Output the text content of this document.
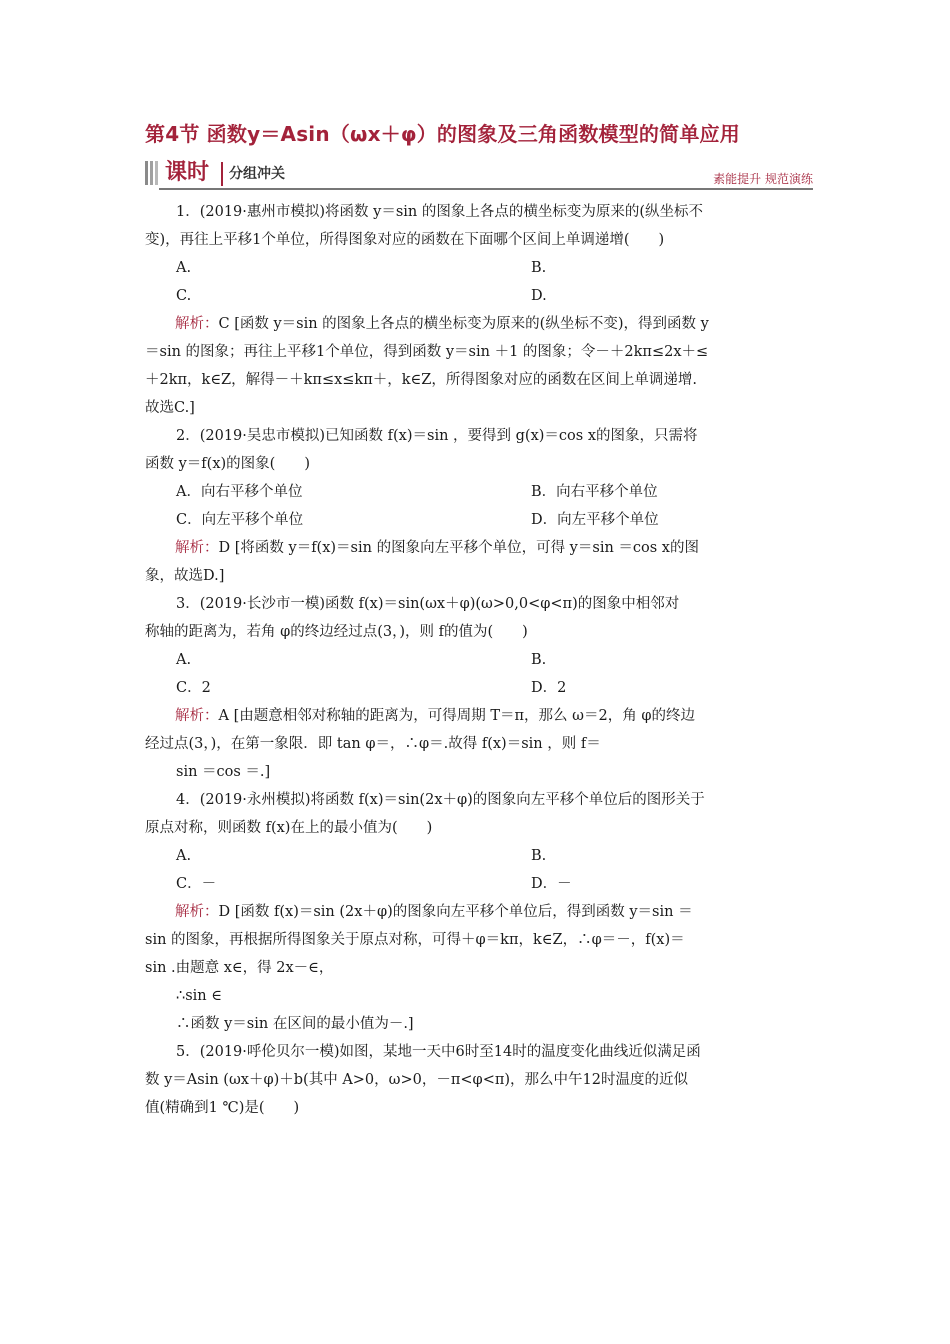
第4节 函数y＝Asin（ωx＋φ）的图象及三角函数模型的简单应用
课时 分组冲关	素能提升 规范演练
1．(2019·惠州市模拟)将函数 y＝sin 的图象上各点的横坐标变为原来的(纵坐标不
变)，再往上平移1个单位，所得图象对应的函数在下面哪个区间上单调递增(　　)
A.	B.
C.	D.
解析：C [函数 y＝sin 的图象上各点的横坐标变为原来的(纵坐标不变)，得到函数 y
＝sin 的图象；再往上平移1个单位，得到函数 y＝sin ＋1 的图象；令－＋2kπ≤2x＋≤
＋2kπ，k∈Z，解得－＋kπ≤x≤kπ＋，k∈Z，所得图象对应的函数在区间上单调递增.
故选C.]
2．(2019·吴忠市模拟)已知函数 f(x)＝sin ，要得到 g(x)＝cos x的图象，只需将
函数 y＝f(x)的图象(　　)
A．向右平移个单位	B．向右平移个单位
C．向左平移个单位	D．向左平移个单位
解析：D [将函数 y＝f(x)＝sin 的图象向左平移个单位，可得 y＝sin ＝cos x的图
象，故选D.]
3．(2019·长沙市一模)函数 f(x)＝sin(ωx＋φ)(ω>0,0<φ<π)的图象中相邻对
称轴的距离为，若角 φ的终边经过点(3，)，则 f的值为(　　)
A.	B.
C．2	D．2
解析：A [由题意相邻对称轴的距离为，可得周期 T＝π，那么 ω＝2，角 φ的终边
经过点(3，)，在第一象限．即 tan φ＝，∴φ＝.故得 f(x)＝sin ，则 f＝
sin ＝cos ＝.]
4．(2019·永州模拟)将函数 f(x)＝sin(2x＋φ)的图象向左平移个单位后的图形关于
原点对称，则函数 f(x)在上的最小值为(　　)
A.	B.
C．－	D．－
解析：D [函数 f(x)＝sin (2x＋φ)的图象向左平移个单位后，得到函数 y＝sin ＝
sin 的图象，再根据所得图象关于原点对称，可得＋φ＝kπ，k∈Z，∴φ＝－，f(x)＝
sin .由题意 x∈，得 2x－∈，
∴sin ∈
∴函数 y＝sin 在区间的最小值为－.]
5．(2019·呼伦贝尔一模)如图，某地一天中6时至14时的温度变化曲线近似满足函
数 y＝Asin (ωx＋φ)＋b(其中 A>0，ω>0，－π<φ<π)，那么中午12时温度的近似
值(精确到1 ℃)是(　　)
